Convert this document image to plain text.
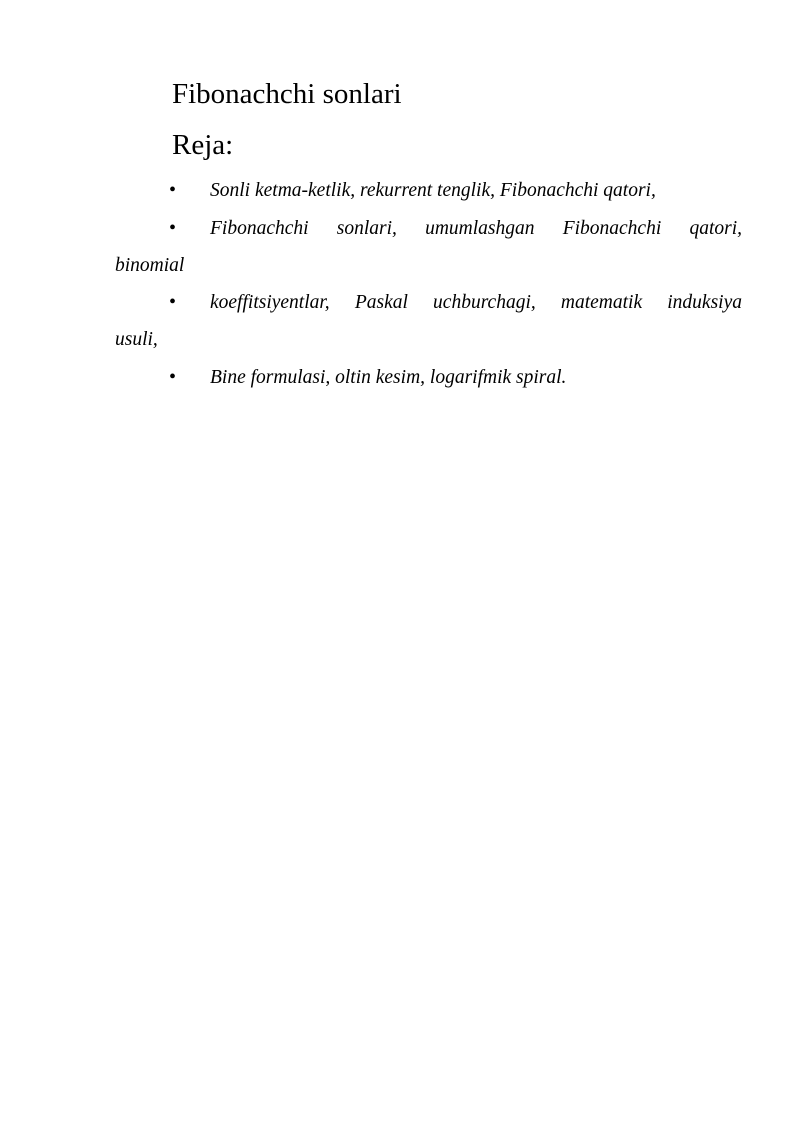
Fibonachchi sonlari
Reja:
• Sonli ketma-ketlik, rekurrent tenglik, Fibonachchi qatori,
• Fibonachchi sonlari, umumlashgan Fibonachchi qatori,
binomial
• koeffitsiyentlar, Paskal uchburchagi, matematik induksiya
usuli,
• Bine formulasi, oltin kesim, logarifmik spiral.
